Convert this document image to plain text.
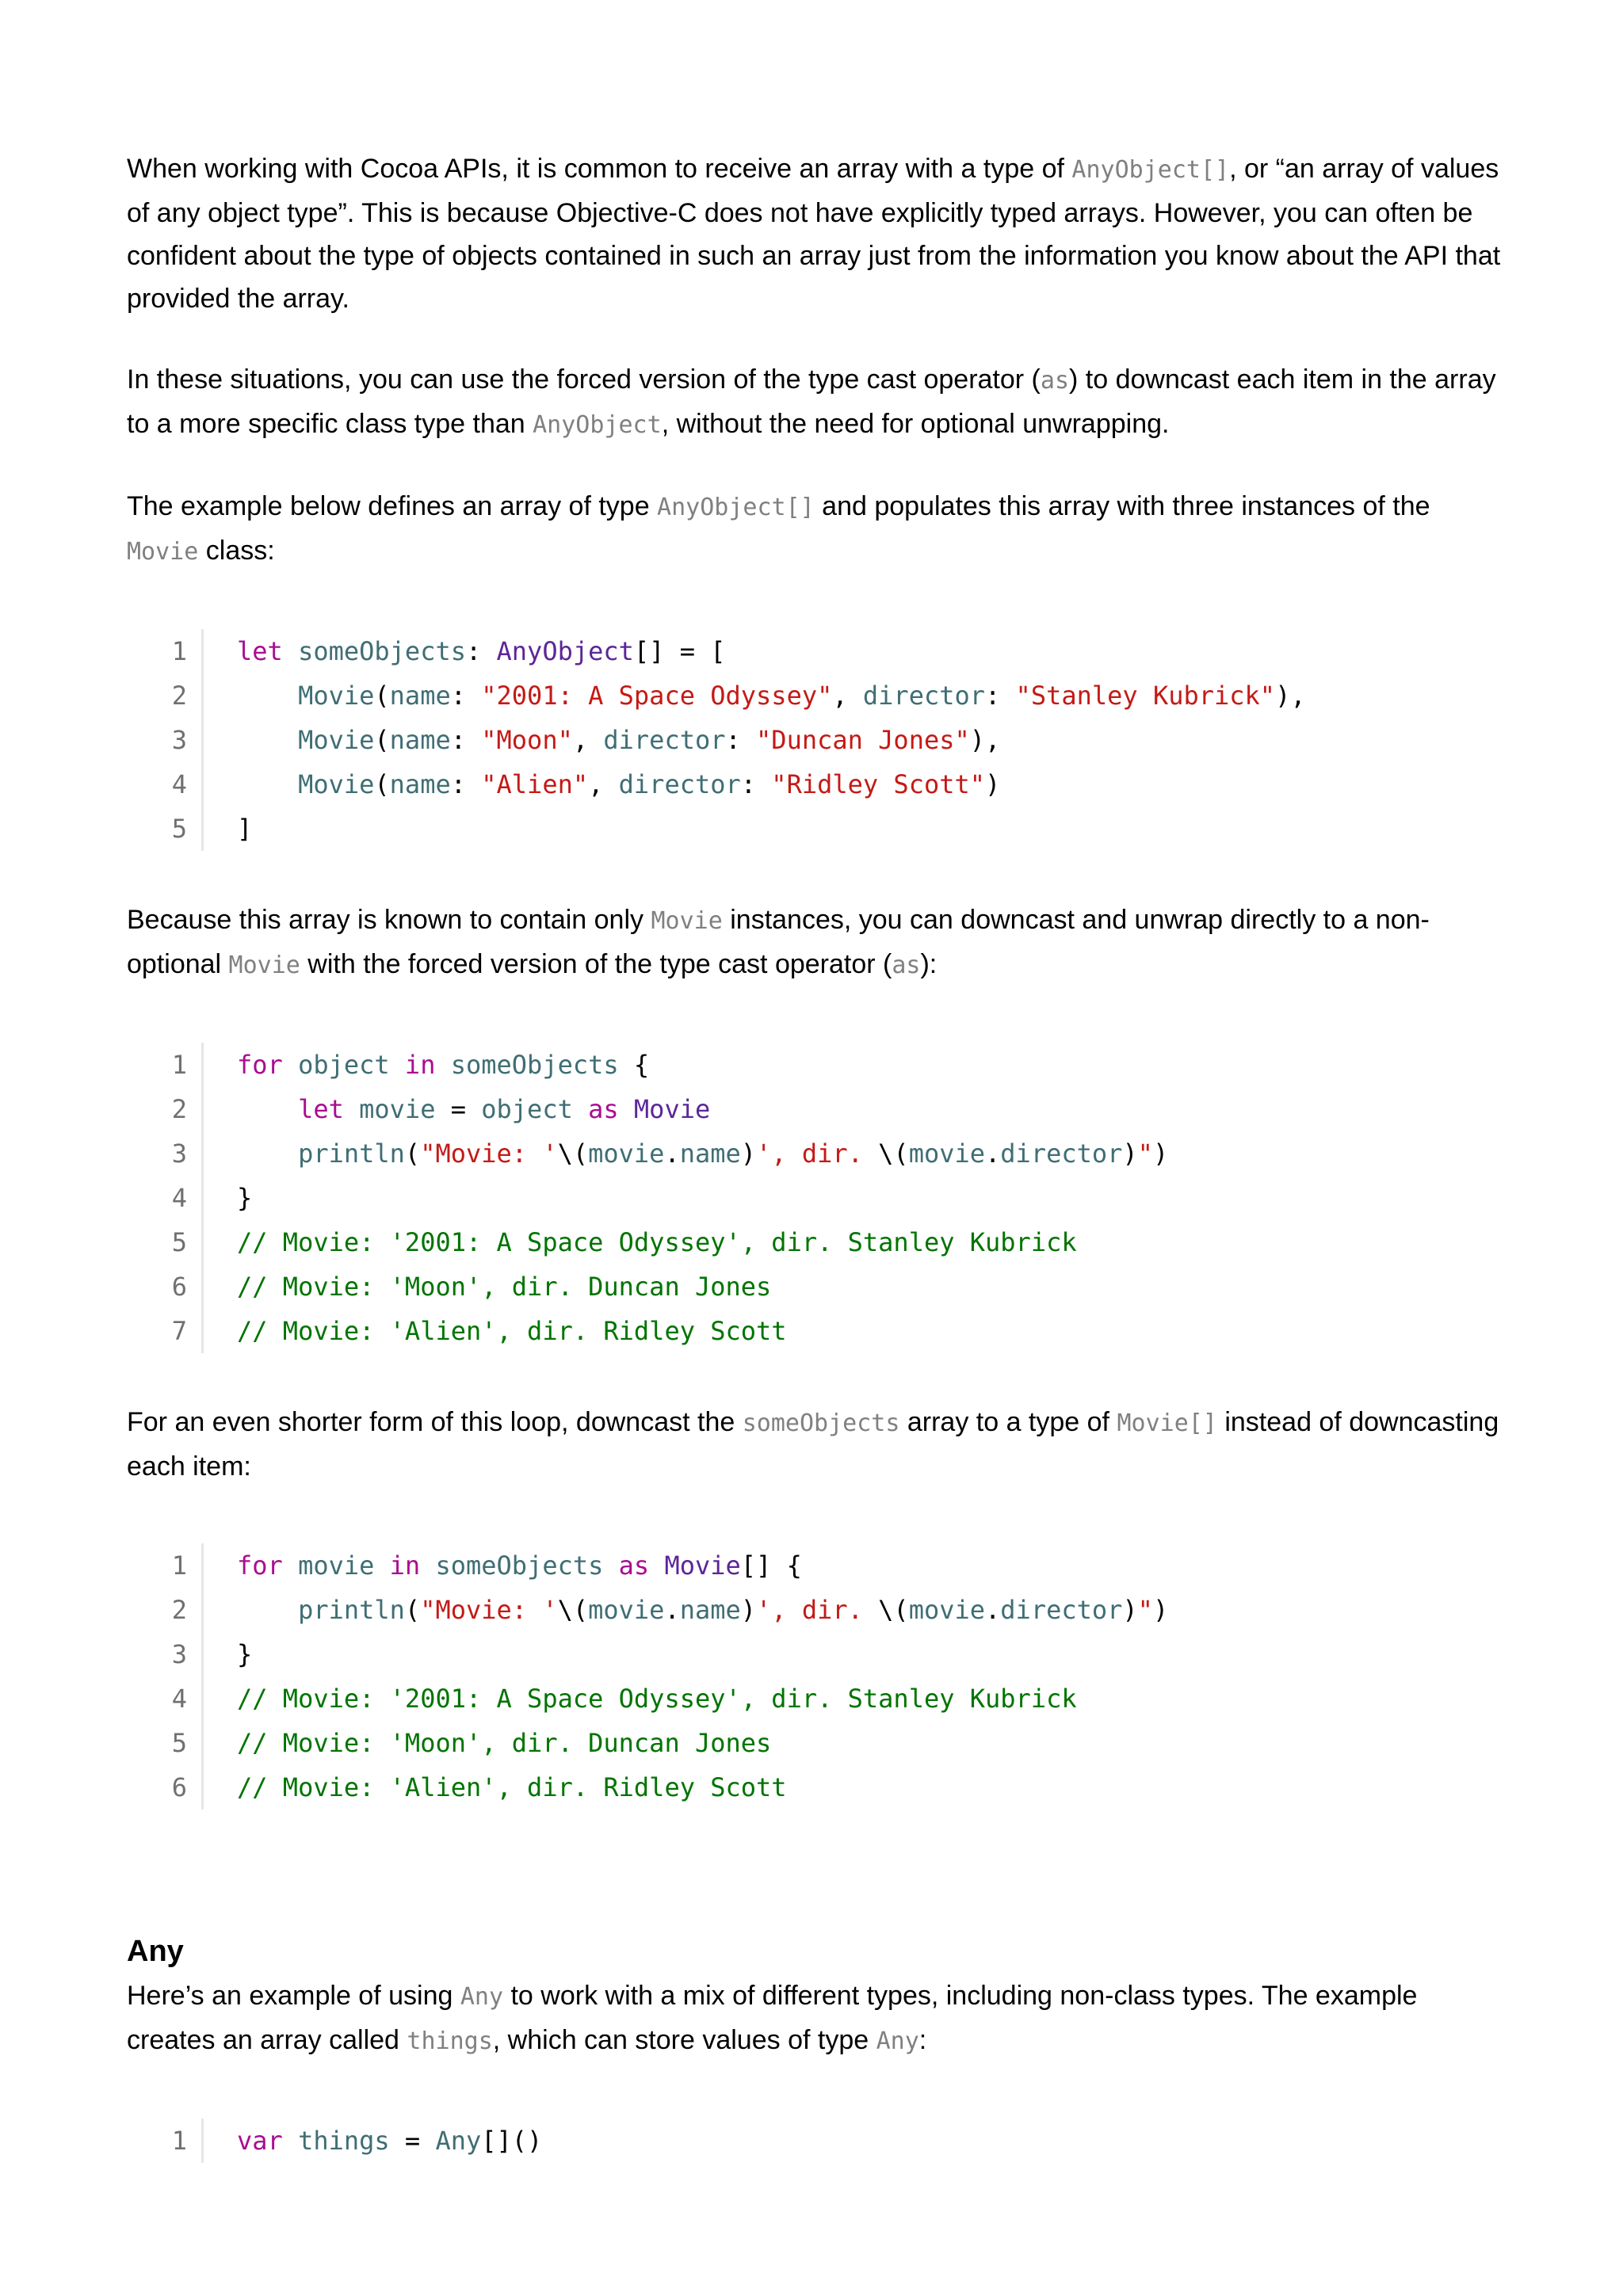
When working with Cocoa APIs, it is common to receive an array with a type of AnyObject[], or “an array of values of any object type”. This is because Objective-C does not have explicitly typed arrays. However, you can often be confident about the type of objects contained in such an array just from the information you know about the API that provided the array.

In these situations, you can use the forced version of the type cast operator (as) to downcast each item in the array to a more specific class type than AnyObject, without the need for optional unwrapping.

The example below defines an array of type AnyObject[] and populates this array with three instances of the Movie class:

1	let someObjects: AnyObject[] = [
2	Movie(name: "2001: A Space Odyssey", director: "Stanley Kubrick"),
3	Movie(name: "Moon", director: "Duncan Jones"),
4	Movie(name: "Alien", director: "Ridley Scott")
5	]

Because this array is known to contain only Movie instances, you can downcast and unwrap directly to a non-optional Movie with the forced version of the type cast operator (as):

1	for object in someObjects {
2	let movie = object as Movie
3	println("Movie: '\(movie.name)', dir. \(movie.director)")
4	}
5	// Movie: '2001: A Space Odyssey', dir. Stanley Kubrick
6	// Movie: 'Moon', dir. Duncan Jones
7	// Movie: 'Alien', dir. Ridley Scott

For an even shorter form of this loop, downcast the someObjects array to a type of Movie[] instead of downcasting each item:

1	for movie in someObjects as Movie[] {
2	println("Movie: '\(movie.name)', dir. \(movie.director)")
3	}
4	// Movie: '2001: A Space Odyssey', dir. Stanley Kubrick
5	// Movie: 'Moon', dir. Duncan Jones
6	// Movie: 'Alien', dir. Ridley Scott
Any

Here’s an example of using Any to work with a mix of different types, including non-class types. The example creates an array called things, which can store values of type Any:

1	var things = Any[]()
